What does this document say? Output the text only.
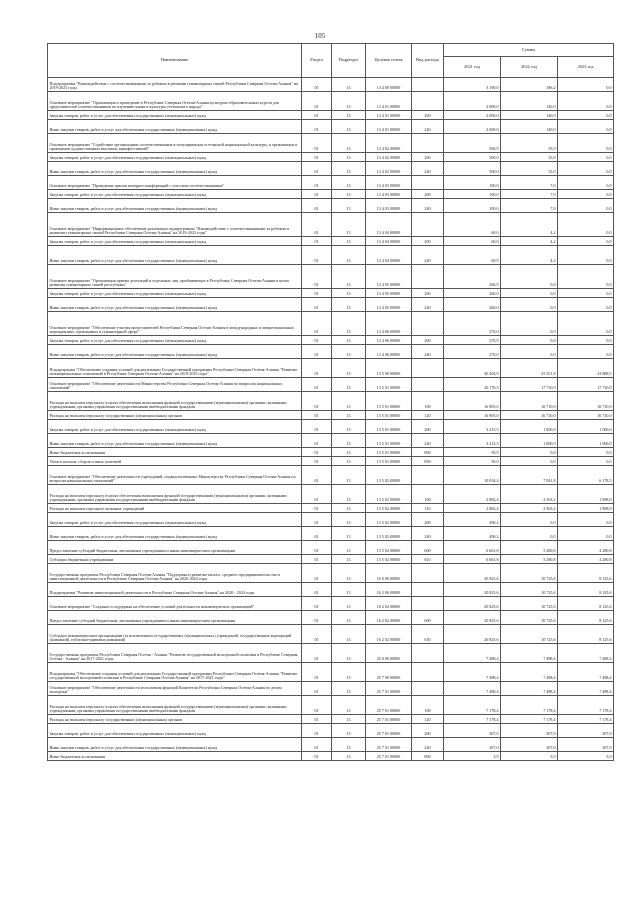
105
Наименование	Раздел	Подраздел	Целевая статья	Вид расхода	Суммы		
					2021 год	2022 год	2023 год
Подпрограмма "Взаимодействие с соотечественниками за рубежом в решении гуманитарных связей Республики Северная Осетия-Алания" на 2019-2023 годы	01	13	13 4 00 00000		3 190,0	186,2	0,0
Основное мероприятие "Организация и проведение в Республике Северная Осетия-Алания культурно-образовательных курсов для представителей соотечественников по изучению языка и культуры осетинского народа"	01	13	13 4 01 00000		2 000,0	140,0	0,0
Закупка товаров, работ и услуг для обеспечения государственных (муниципальных) нужд	01	13	13 4 01 00000	200	2 000,0	140,0	0,0
Иные закупки товаров, работ и услуг для обеспечения государственных (муниципальных) нужд	01	13	13 4 01 00000	240	2 000,0	140,0	0,0
Основное мероприятие "Содействие организациям соотечественников в популяризации осетинской национальной культуры, в организации и проведении художественных выставок, кинофестивалей"	01	13	13 4 02 00000		500,0	35,0	0,0
Закупка товаров, работ и услуг для обеспечения государственных (муниципальных) нужд	01	13	13 4 02 00000	200	500,0	35,0	0,0
Иные закупки товаров, работ и услуг для обеспечения государственных (муниципальных) нужд	01	13	13 4 02 00000	240	500,0	35,0	0,0
Основное мероприятие "Проведение циклов интернет-конференций с участием соотечественников"	01	13	13 4 03 00000		100,0	7,0	0,0
Закупка товаров, работ и услуг для обеспечения государственных (муниципальных) нужд	01	13	13 4 03 00000	200	100,0	7,0	0,0
Иные закупки товаров, работ и услуг для обеспечения государственных (муниципальных) нужд	01	13	13 4 03 00000	240	100,0	7,0	0,0
Основное мероприятие "Информационное обеспечение реализации подпрограммы "Взаимодействие с соотечественниками за рубежом в развитии гуманитарных связей Республики Северная Осетия-Алания" на 2019-2023 годы"	01	13	13 4 04 00000		60,0	4,2	0,0
Закупка товаров, работ и услуг для обеспечения государственных (муниципальных) нужд	01	13	13 4 04 00000	200	60,0	4,2	0,0
Иные закупки товаров, работ и услуг для обеспечения государственных (муниципальных) нужд	01	13	13 4 04 00000	240	60,0	4,2	0,0
Основное мероприятие "Организация приема делегаций и отдельных лиц, прибывающих в Республику Северная Осетия-Алания в целях развития гуманитарных связей республики"	01	13	13 4 05 00000		260,0	0,0	0,0
Закупка товаров, работ и услуг для обеспечения государственных (муниципальных) нужд	01	13	13 4 05 00000	200	260,0	0,0	0,0
Иные закупки товаров, работ и услуг для обеспечения государственных (муниципальных) нужд	01	13	13 4 05 00000	240	260,0	0,0	0,0
Основное мероприятие "Обеспечение участия представителей Республики Северная Осетия-Алания в международных и межрегиональных мероприятиях, проводимых в гуманитарной сфере"	01	13	13 4 06 00000		270,0	0,0	0,0
Закупка товаров, работ и услуг для обеспечения государственных (муниципальных) нужд	01	13	13 4 06 00000	200	270,0	0,0	0,0
Иные закупки товаров, работ и услуг для обеспечения государственных (муниципальных) нужд	01	13	13 4 06 00000	240	270,0	0,0	0,0
Подпрограмма "Обеспечение создания условий для реализации Государственной программы Республики Северная Осетия-Алания "Развитие межнациональных отношений в Республике Северная Осетия-Алания" на 2019-2023 годы"	01	13	13 5 00 00000		30 204,9	25 551,8	23 888,5
Основное мероприятие "Обеспечение деятельности Министерства Республики Северная Осетия-Алания по вопросам национальных отношений"	01	13	13 5 01 00000		20 170,5	17 710,0	17 710,0
Расходы на выплаты персоналу в целях обеспечения выполнения функций государственными (муниципальными) органами, казенными учреждениями, органами управления государственными внебюджетными фондами	01	13	13 5 01 00000	100	16 905,0	16 710,0	16 710,0
Расходы на выплаты персоналу государственных (муниципальных) органов	01	13	13 5 01 00000	120	16 905,0	16 710,0	16 710,0
Закупка товаров, работ и услуг для обеспечения государственных (муниципальных) нужд	01	13	13 5 01 00000	200	3 215,5	1 000,0	1 000,0
Иные закупки товаров, работ и услуг для обеспечения государственных (муниципальных) нужд	01	13	13 5 01 00000	240	3 215,5	1 000,0	1 000,0
Иные бюджетные ассигнования	01	13	13 5 01 00000	800	50,0	0,0	0,0
Уплата налогов, сборов и иных платежей	01	13	13 5 01 00000	850	50,0	0,0	0,0
Основное мероприятие "Обеспечение деятельности учреждений, подведомственных Министерству Республики Северная Осетия-Алания по вопросам национальных отношений"	01	13	13 5 02 00000		10 034,4	7 841,8	6 178,5
Расходы на выплаты персоналу в целях обеспечения выполнения функций государственными (муниципальными) органами, казенными учреждениями, органами управления государственными внебюджетными фондами	01	13	13 5 02 00000	100	2 882,4	2 563,2	1 898,0
Расходы на выплаты персоналу казенных учреждений	01	13	13 5 02 00000	110	2 882,4	2 563,2	1 898,0
Закупка товаров, работ и услуг для обеспечения государственных (муниципальных) нужд	01	13	13 5 02 00000	200	490,2	0,0	0,0
Иные закупки товаров, работ и услуг для обеспечения государственных (муниципальных) нужд	01	13	13 5 02 00000	240	490,2	0,0	0,0
Предоставление субсидий бюджетным, автономным учреждениям и иным некоммерческим организациям	01	13	13 5 02 00000	600	6 661,8	5 280,8	4 280,8
Субсидии бюджетным учреждениям	01	13	13 5 02 00000	610	6 661,8	5 280,8	4 280,8
Государственная программа Республики Северная Осетия-Алания "Поддержка и развитие малого, среднего предпринимательства и инвестиционной деятельности в Республике Северная Осетия-Алания" на 2020-2024 годы	01	13	16 0 00 00000		20 825,6	10 725,6	8 125,6
Подпрограмма "Развитие инвестиционной деятельности в Республике Северная Осетия-Алания" на 2020 - 2024 годы	01	13	16 2 00 00000		20 825,6	10 725,6	8 125,6
Основное мероприятие "Создание и поддержка на обеспечение условий деятельности некоммерческих организаций"	01	13	16 2 02 00000		20 825,6	10 725,6	8 125,6
Предоставление субсидий бюджетным, автономным учреждениям и иным некоммерческим организациям	01	13	16 2 02 00000	600	20 825,6	10 725,6	8 125,6
Субсидии некоммерческим организациям (за исключением государственных (муниципальных) учреждений, государственных корпораций (компаний), публично-правовых компаний)	01	13	16 2 02 00000	630	20 825,6	10 725,6	8 125,6
Государственная программа Республики Северная Осетия - Алания "Развитие государственной молодежной политики в Республике Северная Осетия - Алания" на 2017-2021 годы	01	13	25 0 00 00000		7 488,4	7 488,4	7 488,4
Подпрограмма "Обеспечение создания условий для реализации Государственной программы Республики Северная Осетия-Алания "Развитие государственной молодежной политики в Республике Северная Осетия-Алания" на 2017-2021 годы"	01	13	25 7 00 00000		7 488,4	7 488,4	7 488,4
Основное мероприятие "Обеспечение деятельности исполнения функций Комитетом Республики Северная Осетия-Алания по делам молодежи"	01	13	25 7 01 00000		7 488,4	7 488,4	7 488,4
Расходы на выплаты персоналу в целях обеспечения выполнения функций государственными (муниципальными) органами, казенными учреждениями, органами управления государственными внебюджетными фондами	01	13	25 7 01 00000	100	7 178,4	7 178,4	7 178,4
Расходы на выплаты персоналу государственных (муниципальных) органов	01	13	25 7 01 00000	120	7 178,4	7 178,4	7 178,4
Закупка товаров, работ и услуг для обеспечения государственных (муниципальных) нужд	01	13	25 7 01 00000	200	307,0	307,0	307,0
Иные закупки товаров, работ и услуг для обеспечения государственных (муниципальных) нужд	01	13	25 7 01 00000	240	307,0	307,0	307,0
Иные бюджетные ассигнования	01	13	25 7 01 00000	800	3,0	3,0	3,0
